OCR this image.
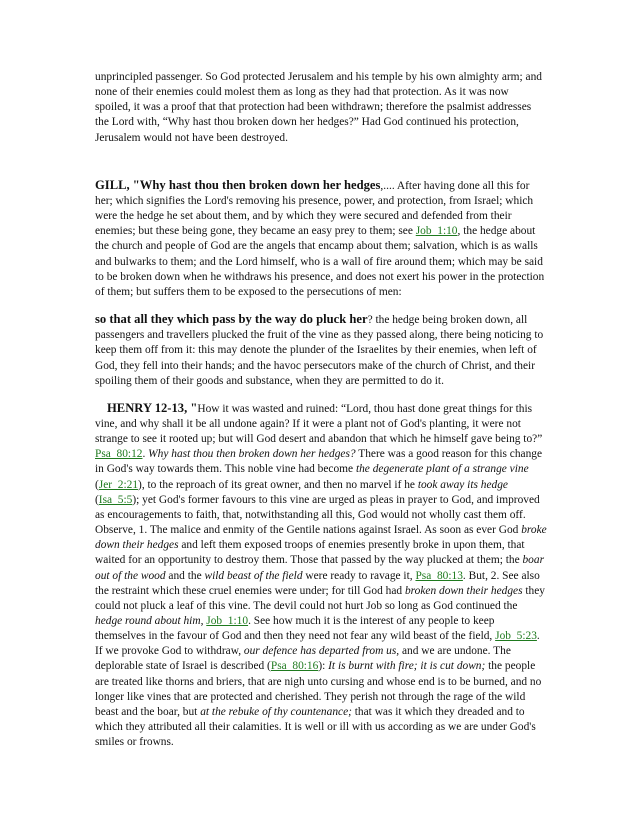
unprincipled passenger. So God protected Jerusalem and his temple by his own almighty arm; and none of their enemies could molest them as long as they had that protection. As it was now spoiled, it was a proof that that protection had been withdrawn; therefore the psalmist addresses the Lord with, “Why hast thou broken down her hedges?” Had God continued his protection, Jerusalem would not have been destroyed.

GILL, "Why hast thou then broken down her hedges,.... After having done all this for her; which signifies the Lord's removing his presence, power, and protection, from Israel; which were the hedge he set about them, and by which they were secured and defended from their enemies; but these being gone, they became an easy prey to them; see Job_1:10, the hedge about the church and people of God are the angels that encamp about them; salvation, which is as walls and bulwarks to them; and the Lord himself, who is a wall of fire around them; which may be said to be broken down when he withdraws his presence, and does not exert his power in the protection of them; but suffers them to be exposed to the persecutions of men:

so that all they which pass by the way do pluck her? the hedge being broken down, all passengers and travellers plucked the fruit of the vine as they passed along, there being noticing to keep them off from it: this may denote the plunder of the Israelites by their enemies, when left of God, they fell into their hands; and the havoc persecutors make of the church of Christ, and their spoiling them of their goods and substance, when they are permitted to do it.

HENRY 12-13, "How it was wasted and ruined: “Lord, thou hast done great things for this vine, and why shall it be all undone again? If it were a plant not of God's planting, it were not strange to see it rooted up; but will God desert and abandon that which he himself gave being to?” Psa_80:12. Why hast thou then broken down her hedges? There was a good reason for this change in God's way towards them. This noble vine had become the degenerate plant of a strange vine (Jer_2:21), to the reproach of its great owner, and then no marvel if he took away its hedge (Isa_5:5); yet God's former favours to this vine are urged as pleas in prayer to God, and improved as encouragements to faith, that, notwithstanding all this, God would not wholly cast them off. Observe, 1. The malice and enmity of the Gentile nations against Israel. As soon as ever God broke down their hedges and left them exposed troops of enemies presently broke in upon them, that waited for an opportunity to destroy them. Those that passed by the way plucked at them; the boar out of the wood and the wild beast of the field were ready to ravage it, Psa_80:13. But, 2. See also the restraint which these cruel enemies were under; for till God had broken down their hedges they could not pluck a leaf of this vine. The devil could not hurt Job so long as God continued the hedge round about him, Job_1:10. See how much it is the interest of any people to keep themselves in the favour of God and then they need not fear any wild beast of the field, Job_5:23. If we provoke God to withdraw, our defence has departed from us, and we are undone. The deplorable state of Israel is described (Psa_80:16): It is burnt with fire; it is cut down; the people are treated like thorns and briers, that are nigh unto cursing and whose end is to be burned, and no longer like vines that are protected and cherished. They perish not through the rage of the wild beast and the boar, but at the rebuke of thy countenance; that was it which they dreaded and to which they attributed all their calamities. It is well or ill with us according as we are under God's smiles or frowns.
